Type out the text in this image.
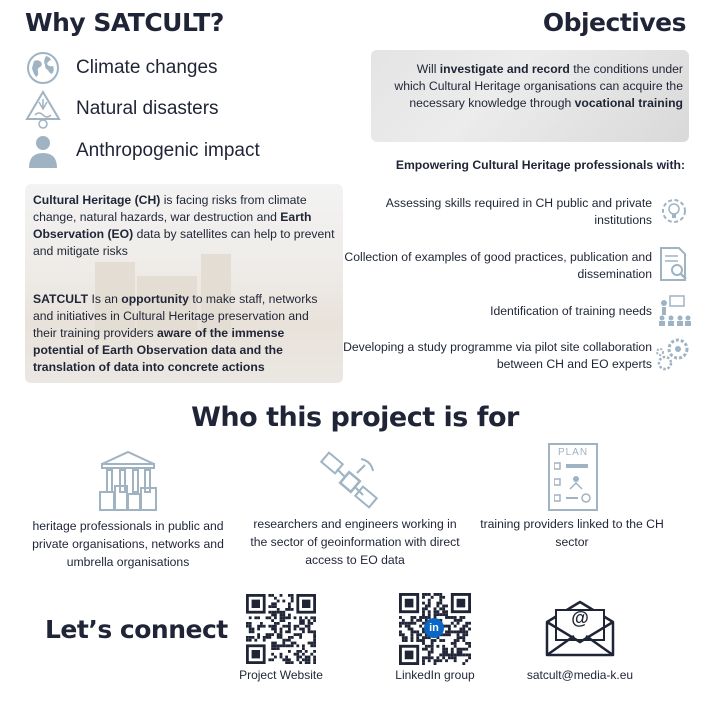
Why SATCULT?
Climate changes
Natural disasters
Anthropogenic impact
Cultural Heritage (CH) is facing risks from climate change, natural hazards, war destruction and Earth Observation (EO) data by satellites can help to prevent and mitigate risks
SATCULT Is an opportunity to make staff, networks and initiatives in Cultural Heritage preservation and their training providers aware of the immense potential of Earth Observation data and the translation of data into concrete actions
Objectives
Will investigate and record the conditions under which Cultural Heritage organisations can acquire the necessary knowledge through vocational training
Empowering Cultural Heritage professionals with:
Assessing skills required in CH public and private institutions
Collection of examples of good practices, publication and dissemination
Identification of training needs
Developing a study programme via pilot site collaboration between CH and EO experts
Who this project is for
heritage professionals in public and private organisations, networks and umbrella organisations
researchers and engineers working in the sector of geoinformation with direct access to EO data
PLAN
training providers linked to the CH sector
Let’s connect
Project Website
in
LinkedIn group
@
satcult@media-k.eu
